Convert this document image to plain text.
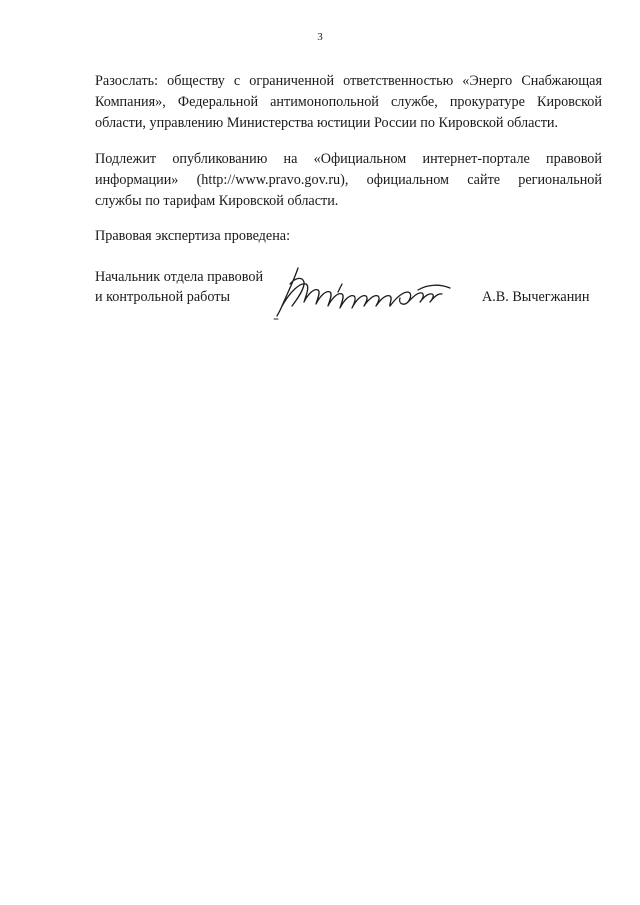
3

Разослать: обществу с ограниченной ответственностью «Энерго Снабжающая
Компания», Федеральной антимонопольной службе, прокуратуре Кировской
области, управлению Министерства юстиции России по Кировской области.

Подлежит опубликованию на «Официальном интернет-портале правовой
информации» (http://www.pravo.gov.ru), официальном сайте региональной
службы по тарифам Кировской области.

Правовая экспертиза проведена:
Начальник отдела правовой
и контрольной работы	А.В. Вычегжанин
